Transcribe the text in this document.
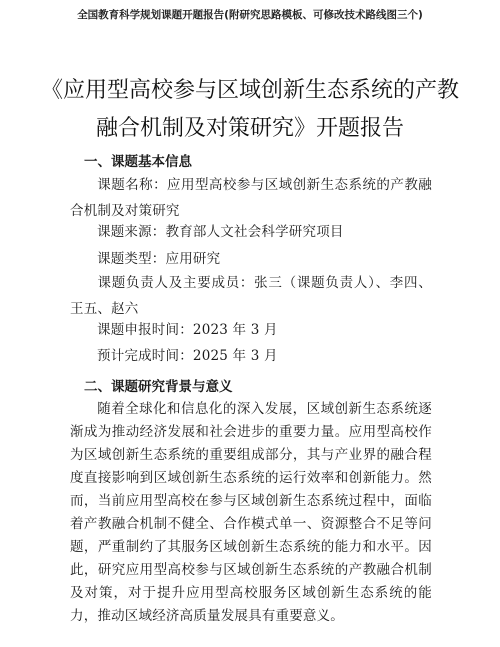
全国教育科学规划课题开题报告(附研究思路模板、可修改技术路线图三个)
《应用型高校参与区域创新生态系统的产教融合机制及对策研究》开题报告
一、课题基本信息
课题名称：应用型高校参与区域创新生态系统的产教融合机制及对策研究
课题来源：教育部人文社会科学研究项目
课题类型：应用研究
课题负责人及主要成员：张三（课题负责人）、李四、王五、赵六
课题申报时间：2023 年 3 月
预计完成时间：2025 年 3 月
二、课题研究背景与意义
随着全球化和信息化的深入发展，区域创新生态系统逐渐成为推动经济发展和社会进步的重要力量。应用型高校作为区域创新生态系统的重要组成部分，其与产业界的融合程度直接影响到区域创新生态系统的运行效率和创新能力。然而，当前应用型高校在参与区域创新生态系统过程中，面临着产教融合机制不健全、合作模式单一、资源整合不足等问题，严重制约了其服务区域创新生态系统的能力和水平。因此，研究应用型高校参与区域创新生态系统的产教融合机制及对策，对于提升应用型高校服务区域创新生态系统的能力，推动区域经济高质量发展具有重要意义。
